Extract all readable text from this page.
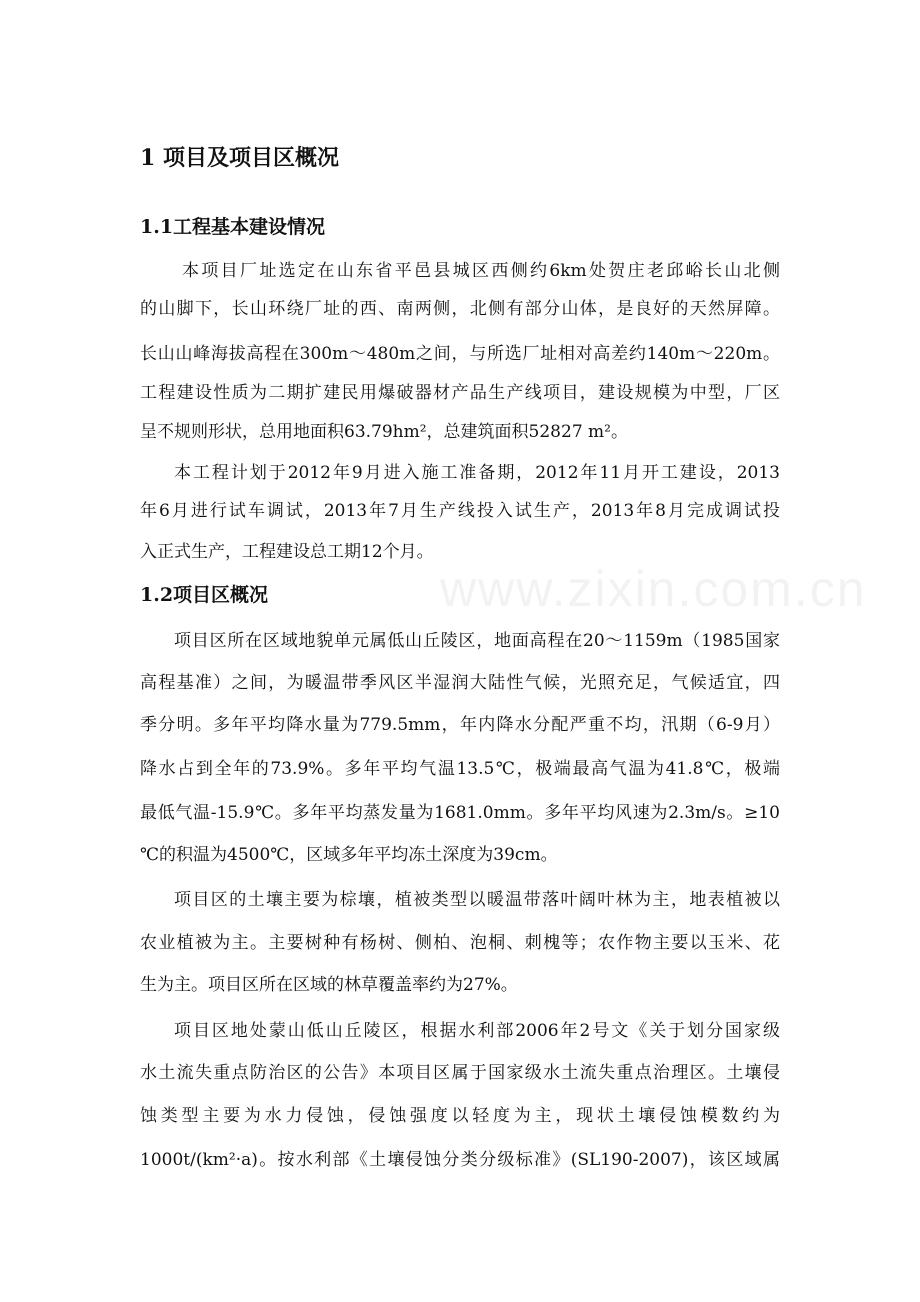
1 项目及项目区概况
1.1工程基本建设情况
本项目厂址选定在山东省平邑县城区西侧约6km处贺庄老邱峪长山北侧
的山脚下，长山环绕厂址的西、南两侧，北侧有部分山体，是良好的天然屏障。
长山山峰海拔高程在300m～480m之间，与所选厂址相对高差约140m～220m。
工程建设性质为二期扩建民用爆破器材产品生产线项目，建设规模为中型，厂区
呈不规则形状，总用地面积63.79hm²，总建筑面积52827 m²。
本工程计划于2012年9月进入施工准备期，2012年11月开工建设，2013
年6月进行试车调试，2013年7月生产线投入试生产，2013年8月完成调试投
入正式生产，工程建设总工期12个月。
1.2项目区概况
项目区所在区域地貌单元属低山丘陵区，地面高程在20～1159m（1985国家
高程基准）之间，为暖温带季风区半湿润大陆性气候，光照充足，气候适宜，四
季分明。多年平均降水量为779.5mm，年内降水分配严重不均，汛期（6-9月）
降水占到全年的73.9%。多年平均气温13.5℃，极端最高气温为41.8℃，极端
最低气温-15.9℃。多年平均蒸发量为1681.0mm。多年平均风速为2.3m/s。≥10
℃的积温为4500℃，区域多年平均冻土深度为39cm。
项目区的土壤主要为棕壤，植被类型以暖温带落叶阔叶林为主，地表植被以
农业植被为主。主要树种有杨树、侧柏、泡桐、刺槐等；农作物主要以玉米、花
生为主。项目区所在区域的林草覆盖率约为27%。
项目区地处蒙山低山丘陵区，根据水利部2006年2号文《关于划分国家级
水土流失重点防治区的公告》本项目区属于国家级水土流失重点治理区。土壤侵
蚀类型主要为水力侵蚀，侵蚀强度以轻度为主，现状土壤侵蚀模数约为
1000t/(km²·a)。按水利部《土壤侵蚀分类分级标准》(SL190-2007)，该区域属
www.zixin.com.cn
